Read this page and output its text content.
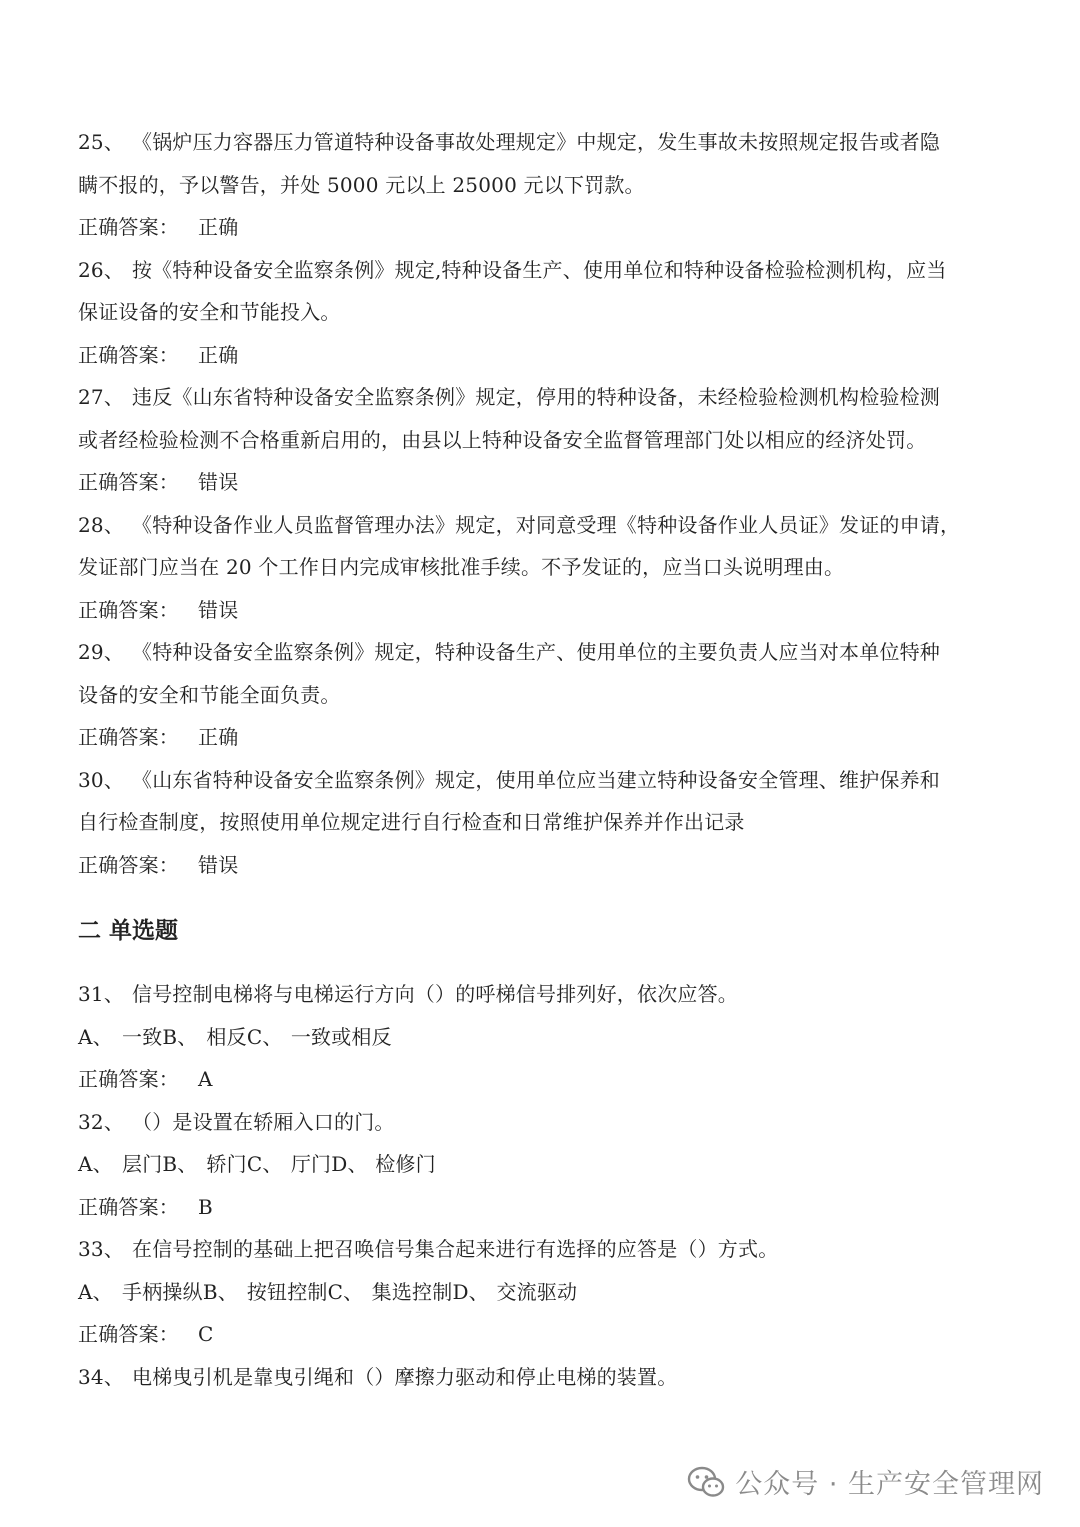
25、 《锅炉压力容器压力管道特种设备事故处理规定》中规定，发生事故未按照规定报告或者隐
瞒不报的，予以警告，并处 5000 元以上 25000 元以下罚款。
正确答案： 正确
26、 按《特种设备安全监察条例》规定,特种设备生产、使用单位和特种设备检验检测机构，应当
保证设备的安全和节能投入。
正确答案： 正确
27、 违反《山东省特种设备安全监察条例》规定，停用的特种设备，未经检验检测机构检验检测
或者经检验检测不合格重新启用的，由县以上特种设备安全监督管理部门处以相应的经济处罚。
正确答案： 错误
28、 《特种设备作业人员监督管理办法》规定，对同意受理《特种设备作业人员证》发证的申请，
发证部门应当在 20 个工作日内完成审核批准手续。不予发证的，应当口头说明理由。
正确答案： 错误
29、 《特种设备安全监察条例》规定，特种设备生产、使用单位的主要负责人应当对本单位特种
设备的安全和节能全面负责。
正确答案： 正确
30、 《山东省特种设备安全监察条例》规定，使用单位应当建立特种设备安全管理、维护保养和
自行检查制度，按照使用单位规定进行自行检查和日常维护保养并作出记录
正确答案： 错误
二 单选题
31、 信号控制电梯将与电梯运行方向（）的呼梯信号排列好，依次应答。
A、 一致B、 相反C、 一致或相反
正确答案： A
32、 （）是设置在轿厢入口的门。
A、 层门B、 轿门C、 厅门D、 检修门
正确答案： B
33、 在信号控制的基础上把召唤信号集合起来进行有选择的应答是（）方式。
A、 手柄操纵B、 按钮控制C、 集选控制D、 交流驱动
正确答案： C
34、 电梯曳引机是靠曳引绳和（）摩擦力驱动和停止电梯的装置。
公众号 · 生产安全管理网
